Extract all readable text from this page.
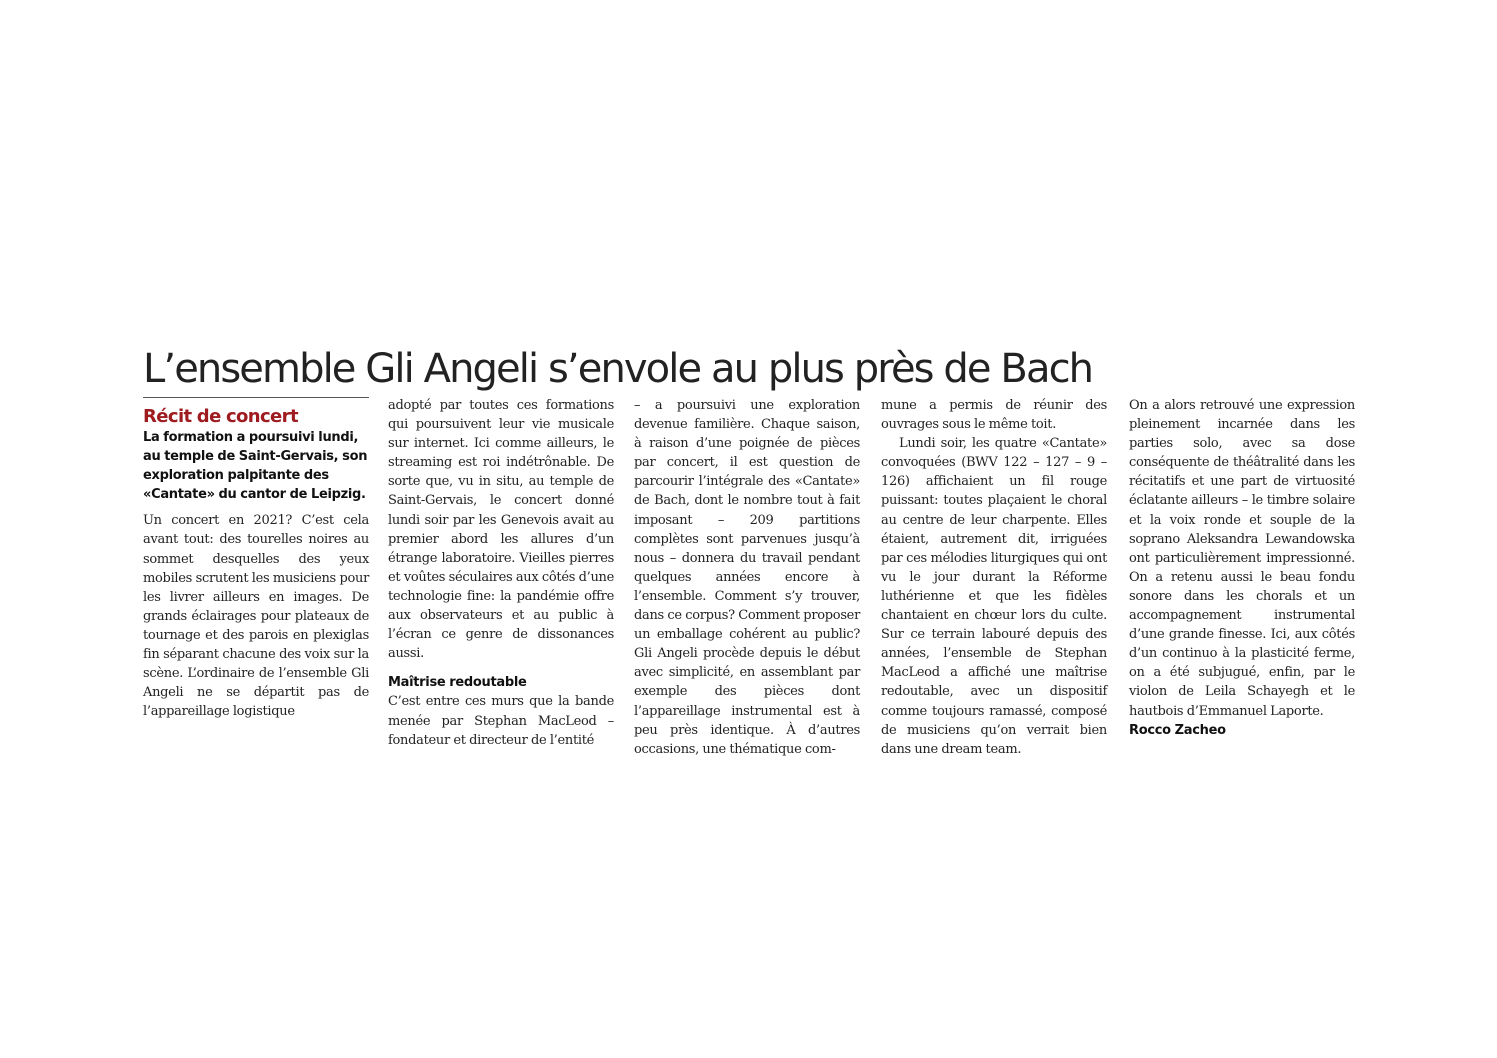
L’ensemble Gli Angeli s’envole au plus près de Bach
Récit de concert

La formation a poursuivi lundi, au temple de Saint-Gervais, son exploration palpitante des «Cantate» du cantor de Leipzig.

Un concert en 2021? C’est cela avant tout: des tourelles noires au sommet desquelles des yeux mobiles scrutent les musiciens pour les livrer ailleurs en images. De grands éclairages pour plateaux de tournage et des parois en plexiglas fin séparant chacune des voix sur la scène. L’ordinaire de l’ensemble Gli Angeli ne se départit pas de l’appareillage logistique

adopté par toutes ces formations qui poursuivent leur vie musicale sur internet. Ici comme ailleurs, le streaming est roi indétrônable. De sorte que, vu in situ, au temple de Saint-Gervais, le concert donné lundi soir par les Genevois avait au premier abord les allures d’un étrange laboratoire. Vieilles pierres et voûtes séculaires aux côtés d’une technologie fine: la pandémie offre aux observateurs et au public à l’écran ce genre de dissonances aussi.

Maîtrise redoutable

C’est entre ces murs que la bande menée par Stephan MacLeod – fondateur et directeur de l’entité

– a poursuivi une exploration devenue familière. Chaque saison, à raison d’une poignée de pièces par concert, il est question de parcourir l’intégrale des «Cantate» de Bach, dont le nombre tout à fait imposant – 209 partitions complètes sont parvenues jusqu’à nous – donnera du travail pendant quelques années encore à l’ensemble. Comment s’y trouver, dans ce corpus? Comment proposer un emballage cohérent au public? Gli Angeli procède depuis le début avec simplicité, en assemblant par exemple des pièces dont l’appareillage instrumental est à peu près identique. À d’autres occasions, une thématique com-

mune a permis de réunir des ouvrages sous le même toit.

Lundi soir, les quatre «Cantate» convoquées (BWV 122 – 127 – 9 – 126) affichaient un fil rouge puissant: toutes plaçaient le choral au centre de leur charpente. Elles étaient, autrement dit, irriguées par ces mélodies liturgiques qui ont vu le jour durant la Réforme luthérienne et que les fidèles chantaient en chœur lors du culte. Sur ce terrain labouré depuis des années, l’ensemble de Stephan MacLeod a affiché une maîtrise redoutable, avec un dispositif comme toujours ramassé, composé de musiciens qu’on verrait bien dans une dream team.

On a alors retrouvé une expression pleinement incarnée dans les parties solo, avec sa dose conséquente de théâtralité dans les récitatifs et une part de virtuosité éclatante ailleurs – le timbre solaire et la voix ronde et souple de la soprano Aleksandra Lewandowska ont particulièrement impressionné. On a retenu aussi le beau fondu sonore dans les chorals et un accompagnement instrumental d’une grande finesse. Ici, aux côtés d’un continuo à la plasticité ferme, on a été subjugué, enfin, par le violon de Leila Schayegh et le hautbois d’Emmanuel Laporte.

Rocco Zacheo
